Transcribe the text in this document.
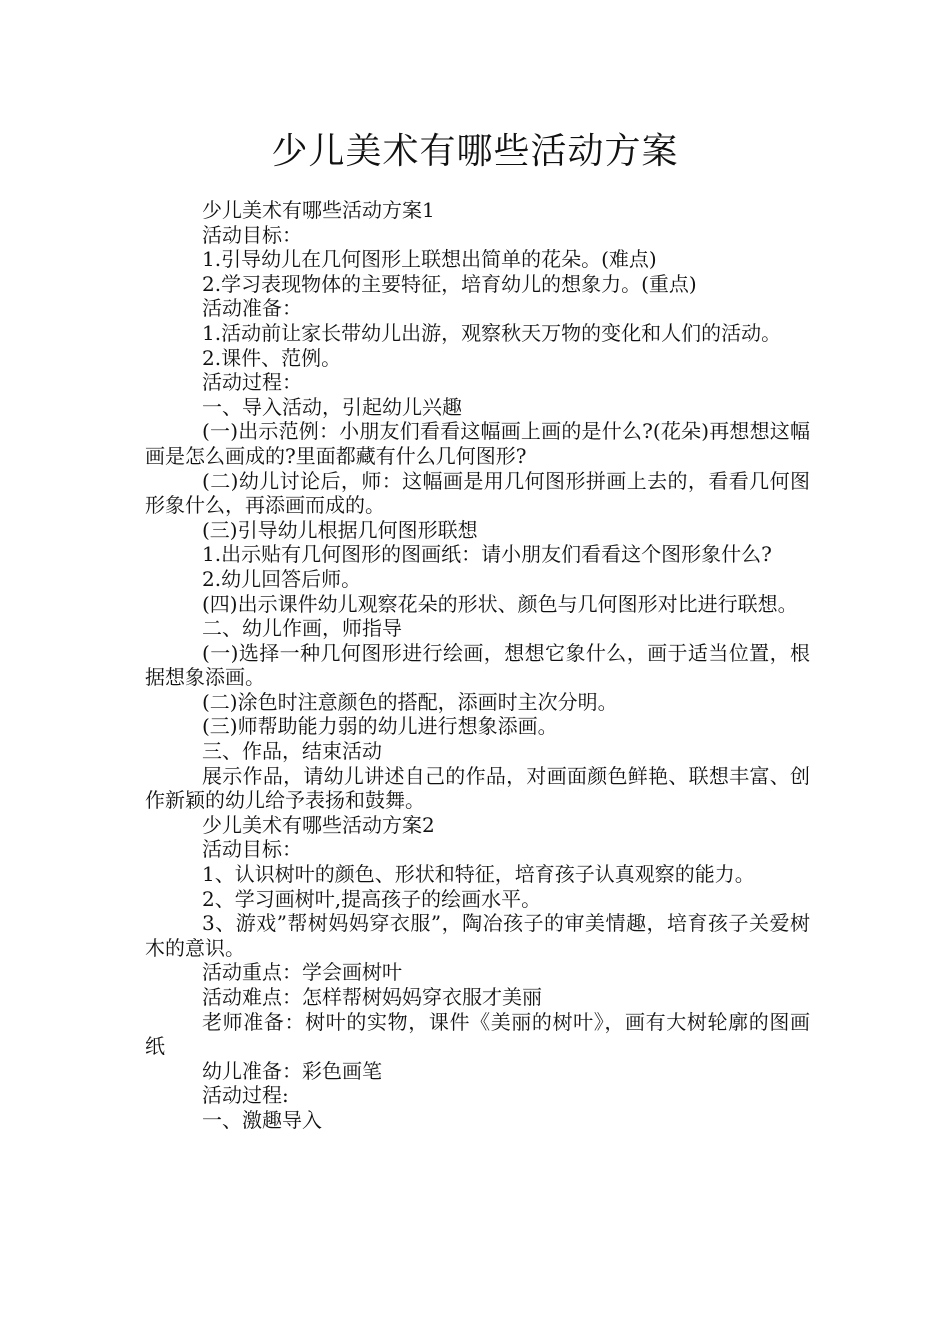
少儿美术有哪些活动方案

少儿美术有哪些活动方案1

活动目标：

1.引导幼儿在几何图形上联想出简单的花朵。(难点)

2.学习表现物体的主要特征，培育幼儿的想象力。(重点)

活动准备：

1.活动前让家长带幼儿出游，观察秋天万物的变化和人们的活动。

2.课件、范例。

活动过程：

一、导入活动，引起幼儿兴趣

(一)出示范例：小朋友们看看这幅画上画的是什么?(花朵)再想想这幅画是怎么画成的?里面都藏有什么几何图形?

(二)幼儿讨论后，师：这幅画是用几何图形拼画上去的，看看几何图形象什么，再添画而成的。

(三)引导幼儿根据几何图形联想

1.出示贴有几何图形的图画纸：请小朋友们看看这个图形象什么?

2.幼儿回答后师。

(四)出示课件幼儿观察花朵的形状、颜色与几何图形对比进行联想。

二、幼儿作画，师指导

(一)选择一种几何图形进行绘画，想想它象什么，画于适当位置，根据想象添画。

(二)涂色时注意颜色的搭配，添画时主次分明。

(三)师帮助能力弱的幼儿进行想象添画。

三、作品，结束活动

展示作品，请幼儿讲述自己的作品，对画面颜色鲜艳、联想丰富、创作新颖的幼儿给予表扬和鼓舞。

少儿美术有哪些活动方案2

活动目标：

1、认识树叶的颜色、形状和特征，培育孩子认真观察的能力。

2、学习画树叶,提高孩子的绘画水平。

3、游戏”帮树妈妈穿衣服”，陶冶孩子的审美情趣，培育孩子关爱树木的意识。

活动重点：学会画树叶

活动难点：怎样帮树妈妈穿衣服才美丽

老师准备：树叶的实物，课件《美丽的树叶》，画有大树轮廓的图画纸

幼儿准备：彩色画笔

活动过程:

一、激趣导入
